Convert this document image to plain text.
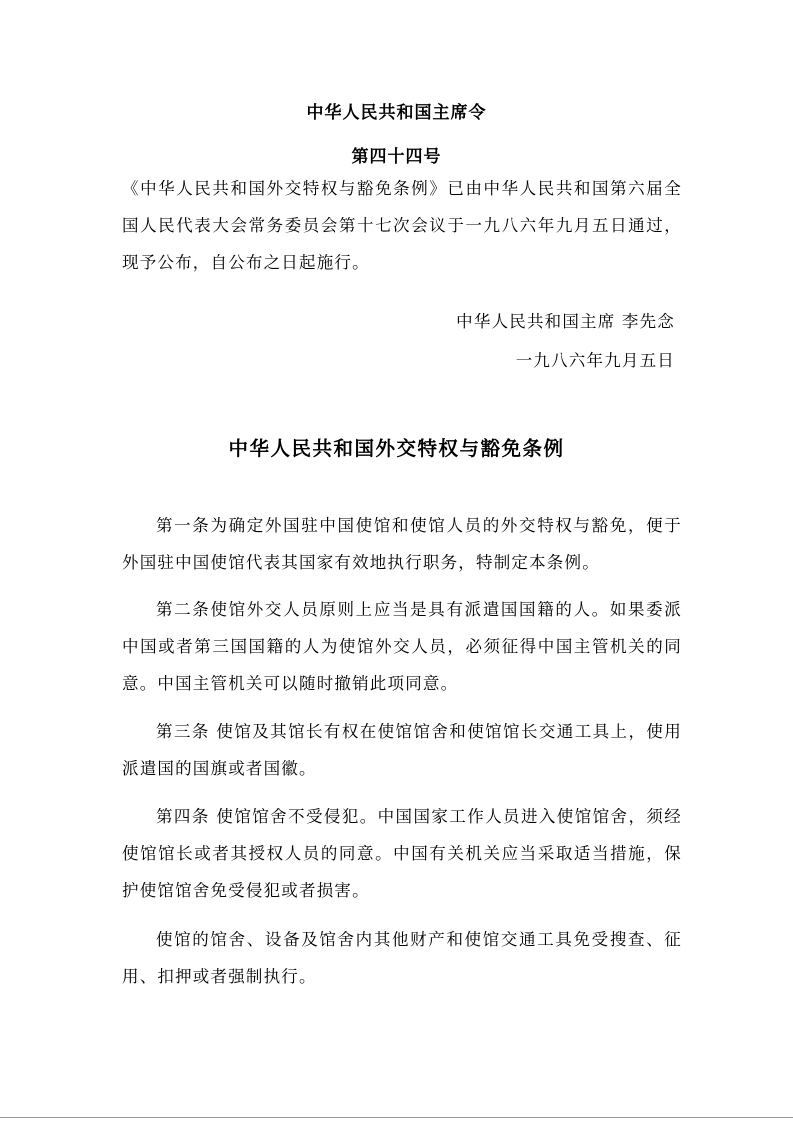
中华人民共和国主席令
第四十四号

《中华人民共和国外交特权与豁免条例》已由中华人民共和国第六届全国人民代表大会常务委员会第十七次会议于一九八六年九月五日通过，现予公布，自公布之日起施行。

中华人民共和国主席 李先念
一九八六年九月五日
中华人民共和国外交特权与豁免条例

第一条为确定外国驻中国使馆和使馆人员的外交特权与豁免，便于外国驻中国使馆代表其国家有效地执行职务，特制定本条例。

第二条使馆外交人员原则上应当是具有派遣国国籍的人。如果委派中国或者第三国国籍的人为使馆外交人员，必须征得中国主管机关的同意。中国主管机关可以随时撤销此项同意。

第三条 使馆及其馆长有权在使馆馆舍和使馆馆长交通工具上，使用派遣国的国旗或者国徽。

第四条 使馆馆舍不受侵犯。中国国家工作人员进入使馆馆舍，须经使馆馆长或者其授权人员的同意。中国有关机关应当采取适当措施，保护使馆馆舍免受侵犯或者损害。

使馆的馆舍、设备及馆舍内其他财产和使馆交通工具免受搜查、征用、扣押或者强制执行。
